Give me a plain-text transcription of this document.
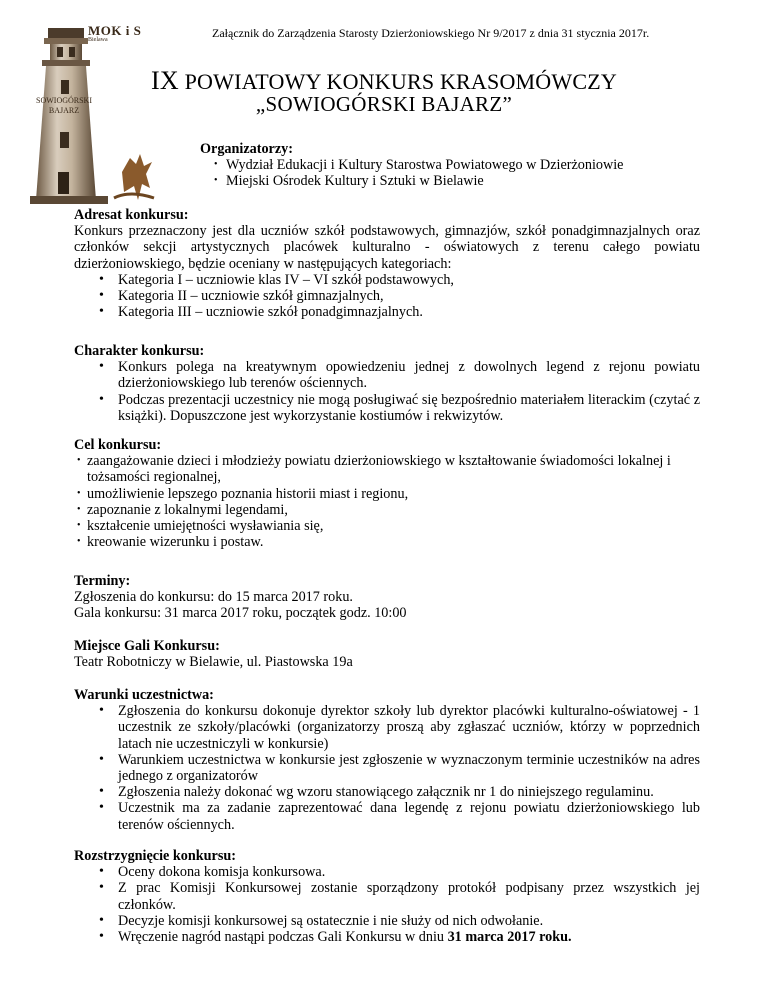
Załącznik do Zarządzenia Starosty Dzierżoniowskiego Nr 9/2017 z dnia 31 stycznia 2017r.
MOK i S
Bielawa
SOWIOGÓRSKI
BAJARZ
IX POWIATOWY KONKURS KRASOMÓWCZY
„SOWIOGÓRSKI BAJARZ”
Organizatorzy:
• Wydział Edukacji i Kultury Starostwa Powiatowego w Dzierżoniowie
• Miejski Ośrodek Kultury i Sztuki w Bielawie
Adresat konkursu:
Konkurs przeznaczony jest dla uczniów szkół podstawowych, gimnazjów, szkół ponadgimnazjalnych oraz członków sekcji artystycznych placówek kulturalno - oświatowych z terenu całego powiatu dzierżoniowskiego, będzie oceniany w następujących kategoriach:
• Kategoria I – uczniowie klas IV – VI szkół podstawowych,
• Kategoria II – uczniowie szkół gimnazjalnych,
• Kategoria III – uczniowie szkół ponadgimnazjalnych.
Charakter konkursu:
• Konkurs polega na kreatywnym opowiedzeniu jednej z dowolnych legend z rejonu powiatu dzierżoniowskiego lub terenów ościennych.
• Podczas prezentacji uczestnicy nie mogą posługiwać się bezpośrednio materiałem literackim (czytać z książki). Dopuszczone jest wykorzystanie kostiumów i rekwizytów.
Cel konkursu:
• zaangażowanie dzieci i młodzieży powiatu dzierżoniowskiego w kształtowanie świadomości lokalnej i tożsamości regionalnej,
• umożliwienie lepszego poznania historii miast i regionu,
• zapoznanie z lokalnymi legendami,
• kształcenie umiejętności wysławiania się,
• kreowanie wizerunku i postaw.
Terminy:
Zgłoszenia do konkursu: do 15 marca 2017 roku.
Gala konkursu: 31 marca 2017 roku, początek godz. 10:00
Miejsce Gali Konkursu:
Teatr Robotniczy w Bielawie, ul. Piastowska 19a
Warunki uczestnictwa:
• Zgłoszenia do konkursu dokonuje dyrektor szkoły lub dyrektor placówki kulturalno-oświatowej - 1 uczestnik ze szkoły/placówki (organizatorzy proszą aby zgłaszać uczniów, którzy w poprzednich latach nie uczestniczyli w konkursie)
• Warunkiem uczestnictwa w konkursie jest zgłoszenie w wyznaczonym terminie uczestników na adres jednego z organizatorów
• Zgłoszenia należy dokonać wg wzoru stanowiącego załącznik nr 1 do niniejszego regulaminu.
• Uczestnik ma za zadanie zaprezentować dana legendę z rejonu powiatu dzierżoniowskiego lub terenów ościennych.
Rozstrzygnięcie konkursu:
• Oceny dokona komisja konkursowa.
• Z prac Komisji Konkursowej zostanie sporządzony protokół podpisany przez wszystkich jej członków.
• Decyzje komisji konkursowej są ostatecznie i nie służy od nich odwołanie.
• Wręczenie nagród nastąpi podczas Gali Konkursu w dniu 31 marca 2017 roku.
